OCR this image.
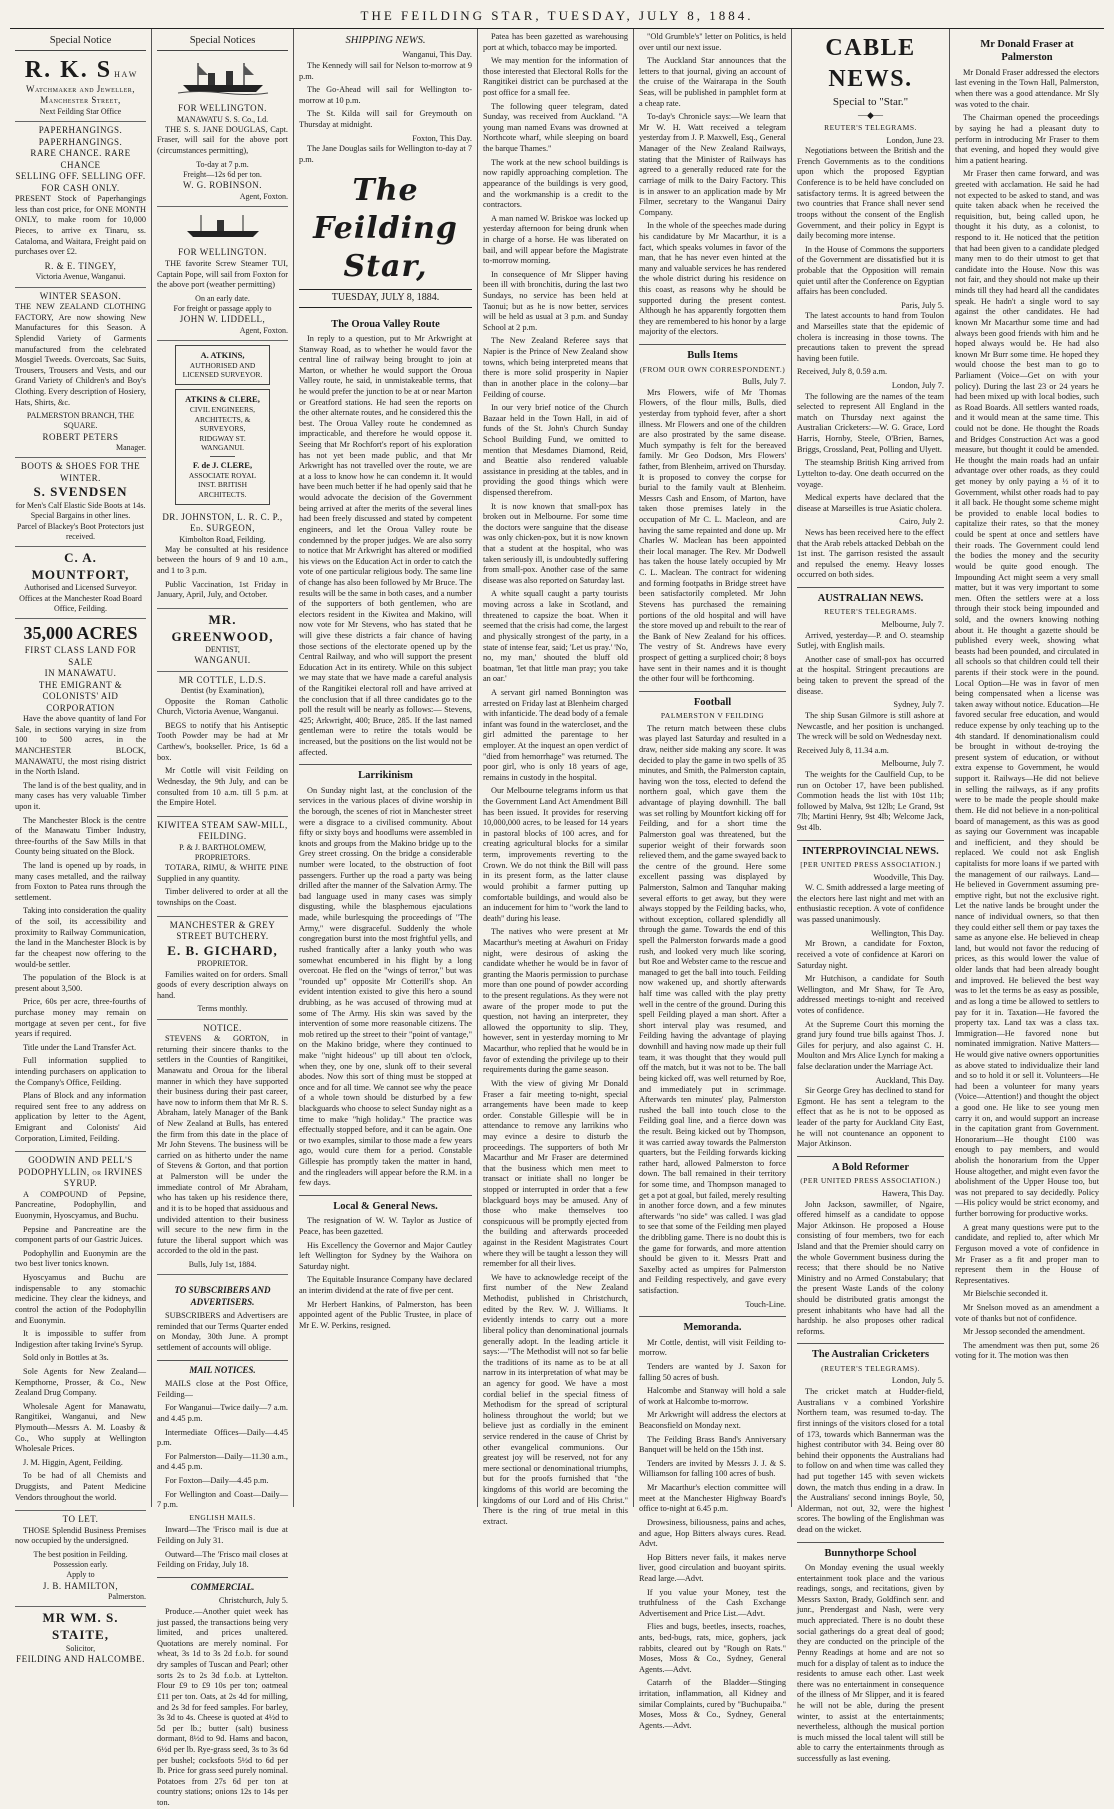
THE FEILDING STAR, TUESDAY, JULY 8, 1884.
Special Notice
R. K. S H A W
Watchmaker and Jeweller,
Manchester Street,
Next Feilding Star Office
PAPERHANGINGS. PAPERHANGINGS.
RARE CHANCE. RARE CHANCE
SELLING OFF. SELLING OFF.
FOR CASH ONLY.

PRESENT Stock of Paperhangings less than cost price, for ONE MONTH ONLY, to make room for 10,000 Pieces, to arrive ex Tinaru, ss. Cataloma, and Waitara, Freight paid on purchases over £2.

R. & E. TINGEY,
Victoria Avenue, Wanganui.
WINTER SEASON.

THE NEW ZEALAND CLOTHING FACTORY, Are now showing New Manufactures for this Season. A Splendid Variety of Garments manufactured from the celebrated Mosgiel Tweeds. Overcoats, Sac Suits, Trousers, Trousers and Vests, and our Grand Variety of Children's and Boy's Clothing. Every description of Hosiery, Hats, Shirts, &c.

PALMERSTON BRANCH, THE SQUARE.
ROBERT PETERS
Manager.
BOOTS & SHOES FOR THE WINTER.
S. SVENDSEN
for Men's Calf Elastic Side Boots at 14s.
Special Bargains in other lines.
Parcel of Blackey's Boot Protectors just received.
C. A. MOUNTFORT,
Authorised and Licensed Surveyor.
Offices at the Manchester Road Board Office, Feilding.
35,000 ACRES
FIRST CLASS LAND FOR SALE
IN MANAWATU.
THE EMIGRANT & COLONISTS' AID CORPORATION

Have the above quantity of land For Sale, in sections varying in size from 100 to 500 acres, in the MANCHESTER BLOCK, MANAWATU, the most rising district in the North Island.

The land is of the best quality, and in many cases has very valuable Timber upon it.

The Manchester Block is the centre of the Manawatu Timber Industry, three-fourths of the Saw Mills in that County being situated on the Block.

The land is opened up by roads, in many cases metalled, and the railway from Foxton to Patea runs through the settlement.

Taking into consideration the quality of the soil, its accessibility and proximity to Railway Communication, the land in the Manchester Block is by far the cheapest now offering to the would-be settler.

The population of the Block is at present about 3,500.

Price, 60s per acre, three-fourths of purchase money may remain on mortgage at seven per cent., for five years if required.

Title under the Land Transfer Act.

Full information supplied to intending purchasers on application to the Company's Office, Feilding.

Plans of Block and any information required sent free to any address on application by letter to the Agent, Emigrant and Colonists' Aid Corporation, Limited, Feilding.

GOODWIN AND PELL'S PODOPHYLLIN, or IRVINES SYRUP.

A COMPOUND of Pepsine, Pancreatine, Podophyllin, and Euonymin, Hyoscyamus, and Buchu.

Pepsine and Pancreatine are the component parts of our Gastric Juices.

Podophyllin and Euonymin are the two best liver tonics known.

Hyoscyamus and Buchu are indispensable to any stomachic medicine. They clear the kidneys, and control the action of the Podophyllin and Euonymin.

It is impossible to suffer from Indigestion after taking Irvine's Syrup.

Sold only in Bottles at 3s.

Sole Agents for New Zealand—Kempthorne, Prosser, & Co., New Zealand Drug Company.

Wholesale Agent for Manawatu, Rangitikei, Wanganui, and New Plymouth—Messrs A. M. Loasby & Co., Who supply at Wellington Wholesale Prices.

J. M. Higgin, Agent, Feilding.

To be had of all Chemists and Druggists, and Patent Medicine Vendors throughout the world.

TO LET.

THOSE Splendid Business Premises now occupied by the undersigned.

The best position in Feilding.
Possession early.
Apply to
J. B. HAMILTON,
Palmerston.
MR WM. S. STAITE,
Solicitor,
FEILDING AND HALCOMBE.
Special Notices
FOR WELLINGTON.
MANAWATU S. S. Co., Ld.

THE S. S. JANE DOUGLAS, Capt. Fraser, will sail for the above port (circumstances permitting),

To-day at 7 p.m.
Freight—12s 6d per ton.
W. G. ROBINSON.
Agent, Foxton.
FOR WELLINGTON.

THE favorite Screw Steamer TUI, Captain Pope, will sail from Foxton for the above port (weather permitting)

On an early date.
For freight or passage apply to
JOHN W. LIDDELL,
Agent, Foxton.
A. ATKINS,
AUTHORISED AND LICENSED SURVEYOR.
ATKINS & CLERE,
CIVIL ENGINEERS, ARCHITECTS, & SURVEYORS,
RIDGWAY ST. WANGANUI.
F. de J. CLERE,
ASSOCIATE ROYAL INST. BRITISH ARCHITECTS.
DR. JOHNSTON, L. R. C. P., Ed. SURGEON,
Kimbolton Road, Feilding.

May be consulted at his residence between the hours of 9 and 10 a.m., and 1 to 3 p.m.

Public Vaccination, 1st Friday in January, April, July, and October.

MR. GREENWOOD,
DENTIST,
WANGANUI.
MR COTTLE, L.D.S.
Dentist (by Examination),

Opposite the Roman Catholic Church, Victoria Avenue, Wanganui.

BEGS to notify that his Antiseptic Tooth Powder may be had at Mr Carthew's, bookseller. Price, 1s 6d a box.

Mr Cottle will visit Feilding on Wednesday, the 9th July, and can be consulted from 10 a.m. till 5 p.m. at the Empire Hotel.

KIWITEA STEAM SAW-MILL, FEILDING.
P. & J. BARTHOLOMEW,
PROPRIETORS.

TOTARA, RIMU, & WHITE PINE Supplied in any quantity.

Timber delivered to order at all the townships on the Coast.

MANCHESTER & GREY STREET BUTCHERY.
E. B. GICHARD,
PROPRIETOR.

Families waited on for orders. Small goods of every description always on hand.

Terms monthly.
NOTICE.

STEVENS & GORTON, in returning their sincere thanks to the settlers in the Counties of Rangitikei, Manawatu and Oroua for the liberal manner in which they have supported their business during their past career, have now to inform them that Mr R. S. Abraham, lately Manager of the Bank of New Zealand at Bulls, has entered the firm from this date in the place of Mr John Stevens. The business will be carried on as hitherto under the name of Stevens & Gorton, and that portion at Palmerston will be under the immediate control of Mr Abraham, who has taken up his residence there, and it is to be hoped that assiduous and undivided attention to their business will secure to the new firm in the future the liberal support which was accorded to the old in the past.

Bulls, July 1st, 1884.
TO SUBSCRIBERS AND ADVERTISERS.

SUBSCRIBERS and Advertisers are reminded that our Terms Quarter ended on Monday, 30th June. A prompt settlement of accounts will oblige.

MAIL NOTICES.

MAILS close at the Post Office, Feilding—

For Wanganui—Twice daily—7 a.m. and 4.45 p.m.

Intermediate Offices—Daily—4.45 p.m.

For Palmerston—Daily—11.30 a.m., and 4.45 p.m.

For Foxton—Daily—4.45 p.m.

For Wellington and Coast—Daily—7 p.m.

ENGLISH MAILS.

Inward—The 'Frisco mail is due at Feilding on July 31.

Outward—The 'Frisco mail closes at Feilding on Friday, July 18.

COMMERCIAL.
Christchurch, July 5.

Produce.—Another quiet week has just passed, the transactions being very limited, and prices unaltered. Quotations are merely nominal. For wheat, 3s 1d to 3s 2d f.o.b. for sound dry samples of Tuscan and Pearl; other sorts 2s to 2s 3d f.o.b. at Lyttelton. Flour £9 to £9 10s per ton; oatmeal £11 per ton. Oats, at 2s 4d for milling, and 2s 3d for feed samples. For barley, 3s 3d to 4s. Cheese is quoted at 4½d to 5d per lb.; butter (salt) business dormant, 8½d to 9d. Hams and bacon, 6½d per lb. Rye-grass seed, 3s to 3s 6d per bushel; cocksfoots 5½d to 6d per lb. Price for grass seed purely nominal. Potatoes from 27s 6d per ton at country stations; onions 12s to 14s per ton.

SHIPPING NEWS.
Wanganui, This Day.

The Kennedy will sail for Nelson to-morrow at 9 p.m.

The Go-Ahead will sail for Wellington to-morrow at 10 p.m.

The St. Kilda will sail for Greymouth on Thursday at midnight.

Foxton, This Day.

The Jane Douglas sails for Wellington to-day at 7 p.m.

The Feilding Star,
TUESDAY, JULY 8, 1884.
The Oroua Valley Route

In reply to a question, put to Mr Arkwright at Stanway Road, as to whether he would favor the central line of railway being brought to join at Marton, or whether he would support the Oroua Valley route, he said, in unmistakeable terms, that he would prefer the junction to be at or near Marton or Greatford stations. He had seen the reports on the other alternate routes, and he considered this the best. The Oroua Valley route he condemned as impracticable, and therefore he would oppose it. Seeing that Mr Rochfort's report of his exploration has not yet been made public, and that Mr Arkwright has not travelled over the route, we are at a loss to know how he can condemn it. It would have been much better if he had openly said that he would advocate the decision of the Government being arrived at after the merits of the several lines had been freely discussed and stated by competent engineers, and let the Oroua Valley route be condemned by the proper judges. We are also sorry to notice that Mr Arkwright has altered or modified his views on the Education Act in order to catch the vote of one particular religious body. The same line of change has also been followed by Mr Bruce. The results will be the same in both cases, and a number of the supporters of both gentlemen, who are electors resident in the Kiwitea and Makino, will now vote for Mr Stevens, who has stated that he will give these districts a fair chance of having those sections of the electorate opened up by the Central Railway, and who will support the present Education Act in its entirety. While on this subject we may state that we have made a careful analysis of the Rangitikei electoral roll and have arrived at the conclusion that if all three candidates go to the poll the result will be nearly as follows:— Stevens, 425; Arkwright, 400; Bruce, 285. If the last named gentleman were to retire the totals would be increased, but the positions on the list would not be affected.

Larrikinism

On Sunday night last, at the conclusion of the services in the various places of divine worship in the borough, the scenes of riot in Manchester street were a disgrace to a civilised community. About fifty or sixty boys and hoodlums were assembled in knots and groups from the Makino bridge up to the Grey street crossing. On the bridge a considerable number were located, to the obstruction of foot passengers. Further up the road a party was being drilled after the manner of the Salvation Army. The bad language used in many cases was simply disgusting, while the blasphemous ejaculations made, while burlesquing the proceedings of "The Army," were disgraceful. Suddenly the whole congregation burst into the most frightful yells, and rushed frantically after a lanky youth who was somewhat encumbered in his flight by a long overcoat. He fled on the "wings of terror," but was "rounded up" opposite Mr Cotterill's shop. An evident intention existed to give this hero a sound drubbing, as he was accused of throwing mud at some of The Army. His skin was saved by the intervention of some more reasonable citizens. The mob retired up the street to their "point of vantage," on the Makino bridge, where they continued to make "night hideous" up till about ten o'clock, when they, one by one, slunk off to their several abodes. Now this sort of thing must be stopped at once and for all time. We cannot see why the peace of a whole town should be disturbed by a few blackguards who choose to select Sunday night as a time to make "high holiday." The practice was effectually stopped before, and it can be again. One or two examples, similar to those made a few years ago, would cure them for a period. Constable Gillespie has promptly taken the matter in hand, and the ringleaders will appear before the R.M. in a few days.

Local & General News.

The resignation of W. W. Taylor as Justice of Peace, has been gazetted.

His Excellency the Governor and Major Cautley left Wellington for Sydney by the Waihora on Saturday night.

The Equitable Insurance Company have declared an interim dividend at the rate of five per cent.

Mr Herbert Hankins, of Palmerston, has been appointed agent of the Public Trustee, in place of Mr E. W. Perkins, resigned.

Patea has been gazetted as warehousing port at which, tobacco may be imported.

We may mention for the information of those interested that Electoral Rolls for the Rangitikei district can be purchased at the post office for a small fee.

The following queer telegram, dated Sunday, was received from Auckland. "A young man named Evans was drowned at Northcote wharf, while sleeping on board the barque Thames."

The work at the new school buildings is now rapidly approaching completion. The appearance of the buildings is very good, and the workmanship is a credit to the contractors.

A man named W. Briskoe was locked up yesterday afternoon for being drunk when in charge of a horse. He was liberated on bail, and will appear before the Magistrate to-morrow morning.

In consequence of Mr Slipper having been ill with bronchitis, during the last two Sundays, no service has been held at Taonui; but as he is now better, services will be held as usual at 3 p.m. and Sunday School at 2 p.m.

The New Zealand Referee says that Napier is the Prince of New Zealand show towns, which being interpreted means that there is more solid prosperity in Napier than in another place in the colony—bar Feilding of course.

In our very brief notice of the Church Bazaar held in the Town Hall, in aid of funds of the St. John's Church Sunday School Building Fund, we omitted to mention that Mesdames Diamond, Reid, and Beattie also rendered valuable assistance in presiding at the tables, and in providing the good things which were dispensed therefrom.

It is now known that small-pox has broken out in Melbourne. For some time the doctors were sanguine that the disease was only chicken-pox, but it is now known that a student at the hospital, who was taken seriously ill, is undoubtedly suffering from small-pox. Another case of the same disease was also reported on Saturday last.

A white squall caught a party tourists moving across a lake in Scotland, and threatened to capsize the boat. When it seemed that the crisis had come, the largest and physically strongest of the party, in a state of intense fear, said; 'Let us pray.' 'No, no, my man,' shouted the bluff old boatman, 'let that little man pray; you take an oar.'

A servant girl named Bonnington was arrested on Friday last at Blenheim charged with infanticide. The dead body of a female infant was found in the watercloset, and the girl admitted the parentage to her employer. At the inquest an open verdict of "died from hemorrhage" was returned. The poor girl, who is only 18 years of age, remains in custody in the hospital.

Our Melbourne telegrams inform us that the Government Land Act Amendment Bill has been issued. It provides for reserving 10,000,000 acres, to be leased for 14 years in pastoral blocks of 100 acres, and for creating agricultural blocks for a similar term, improvements reverting to the Crown. We do not think the Bill will pass in its present form, as the latter clause would prohibit a farmer putting up comfortable buildings, and would also be an inducement for him to "work the land to death" during his lease.

The natives who were present at Mr Macarthur's meeting at Awahuri on Friday night, were desirous of asking the candidate whether he would be in favor of granting the Maoris permission to purchase more than one pound of powder according to the present regulations. As they were not aware of the proper mode to put the question, not having an interpreter, they allowed the opportunity to slip. They, however, sent in yesterday morning to Mr Macarthur, who replied that he would be in favor of extending the privilege up to their requirements during the game season.

With the view of giving Mr Donald Fraser a fair meeting to-night, special arrangements have been made to keep order. Constable Gillespie will be in attendance to remove any larrikins who may evince a desire to disturb the proceedings. The supporters of both Mr Macarthur and Mr Fraser are determined that the business which men meet to transact or initiate shall no longer be stopped or interrupted in order that a few blackguard boys may be amused. Any of those who make themselves too conspicuous will be promptly ejected from the building and afterwards proceeded against in the Resident Magistrates Court where they will be taught a lesson they will remember for all their lives.

We have to acknowledge receipt of the first number of the New Zealand Methodist, published in Christchurch, edited by the Rev. W. J. Williams. It evidently intends to carry out a more liberal policy than denominational journals generally adopt. In the leading article it says:—"The Methodist will not so far belie the traditions of its name as to be at all narrow in its interpretation of what may be an agency for good. We have a most cordial belief in the special fitness of Methodism for the spread of scriptural holiness throughout the world; but we believe just as cordially in the eminent service rendered in the cause of Christ by other evangelical communions. Our greatest joy will be reserved, not for any mere sectional or denominational triumphs, but for the proofs furnished that "the kingdoms of this world are becoming the kingdoms of our Lord and of His Christ." There is the ring of true metal in this extract.

"Old Grumble's" letter on Politics, is held over until our next issue.

The Auckland Star announces that the letters to that journal, giving an account of the cruise of the Wairarapa in the South Seas, will be published in pamphlet form at a cheap rate.

To-day's Chronicle says:—We learn that Mr W. H. Watt received a telegram yesterday from J. P. Maxwell, Esq., General Manager of the New Zealand Railways, stating that the Minister of Railways has agreed to a generally reduced rate for the carriage of milk to the Dairy Factory. This is in answer to an application made by Mr Filmer, secretary to the Wanganui Dairy Company.

In the whole of the speeches made during his candidature by Mr Macarthur, it is a fact, which speaks volumes in favor of the man, that he has never even hinted at the many and valuable services he has rendered the whole district during his residence on this coast, as reasons why he should be supported during the present contest. Although he has apparently forgotten them they are remembered to his honor by a large majority of the electors.

Bulls Items
(FROM OUR OWN CORRESPONDENT.)
Bulls, July 7.

Mrs Flowers, wife of Mr Thomas Flowers, of the flour mills, Bulls, died yesterday from typhoid fever, after a short illness. Mr Flowers and one of the children are also prostrated by the same disease. Much sympathy is felt for the bereaved family. Mr Geo Dodson, Mrs Flowers' father, from Blenheim, arrived on Thursday. It is proposed to convey the corpse for burial to the family vault at Blenheim. Messrs Cash and Ensom, of Marton, have taken those premises lately in the occupation of Mr C. L. Macleon, and are having the same repainted and done up. Mr Charles W. Maclean has been appointed their local manager. The Rev. Mr Dodwell has taken the house lately occupied by Mr C. L. Maclean. The contract for widening and forming footpaths in Bridge street have been satisfactorily completed. Mr John Stevens has purchased the remaining portions of the old hospital and will have the store moved up and rebuilt to the rear of the Bank of New Zealand for his offices. The vestry of St. Andrews have every prospect of getting a surpliced choir; 8 boys have sent in their names and it is thought the other four will be forthcoming.

Football
PALMERSTON V FEILDING

The return match between these clubs was played last Saturday and resulted in a draw, neither side making any score. It was decided to play the game in two spells of 35 minutes, and Smith, the Palmerston captain, having won the toss, elected to defend the northern goal, which gave them the advantage of playing downhill. The ball was set rolling by Mountfort kicking off for Feilding, and for a short time the Palmerston goal was threatened, but the superior weight of their forwards soon relieved them, and the game swayed back to the centre of the ground. Here some excellent passing was displayed by Palmerston, Salmon and Tanquhar making several efforts to get away, but they were always stopped by the Feilding backs, who, without exception, collared splendidly all through the game. Towards the end of this spell the Palmerston forwards made a good rush, and looked very much like scoring, but Roe and Webster came to the rescue and managed to get the ball into touch. Feilding now wakened up, and shortly afterwards half time was called with the play pretty well in the centre of the ground. During this spell Feilding played a man short. After a short interval play was resumed, and Feilding having the advantage of playing downhill and having now made up their full team, it was thought that they would pull off the match, but it was not to be. The ball being kicked off, was well returned by Roe, and immediately put in scrimmage. Afterwards ten minutes' play, Palmerston rushed the ball into touch close to the Feilding goal line, and a fierce down was the result. Being kicked out by Thompson, it was carried away towards the Palmerston quarters, but the Feilding forwards kicking rather hard, allowed Palmerston to force down. The ball remained in their territory for some time, and Thompson managed to get a pot at goal, but failed, merely resulting in another force down, and a few minutes afterwards "no side" was called. I was glad to see that some of the Feilding men played the dribbling game. There is no doubt this is the game for forwards, and more attention should be given to it. Messrs Pratt and Saxelby acted as umpires for Palmerston and Feilding respectively, and gave every satisfaction.

Touch-Line.
Memoranda.

Mr Cottle, dentist, will visit Feilding to-morrow.

Tenders are wanted by J. Saxon for falling 50 acres of bush.

Halcombe and Stanway will hold a sale of work at Halcombe to-morrow.

Mr Arkwright will address the electors at Beaconsfield on Monday next.

The Feilding Brass Band's Anniversary Banquet will be held on the 15th inst.

Tenders are invited by Messrs J. J. & S. Williamson for falling 100 acres of bush.

Mr Macarthur's election committee will meet at the Manchester Highway Board's office to-night at 6.45 p.m.

Drowsiness, biliousness, pains and aches, and ague, Hop Bitters always cures. Read. Advt.

Hop Bitters never fails, it makes nerve liver, good circulation and buoyant spirits. Read large.—Advt.

If you value your Money, test the truthfulness of the Cash Exchange Advertisement and Price List.—Advt.

Flies and bugs, beetles, insects, roaches, ants, bed-bugs, rats, mice, gophers, jack rabbits, cleared out by "Rough on Rats." Moses, Moss & Co., Sydney, General Agents.—Advt.

Catarrh of the Bladder—Stinging irritation, inflammation, all Kidney and similar Complaints, cured by "Buchupaiba." Moses, Moss & Co., Sydney, General Agents.—Advt.

CABLE NEWS.
Special to "Star."
—◆—
REUTER'S TELEGRAMS.
London, June 23.

Negotiations between the British and the French Governments as to the conditions upon which the proposed Egyptian Conference is to be held have concluded on satisfactory terms. It is agreed between the two countries that France shall never send troops without the consent of the English Government, and their policy in Egypt is daily becoming more intense.

In the House of Commons the supporters of the Government are dissatisfied but it is probable that the Opposition will remain quiet until after the Conference on Egyptian affairs has been concluded.

Paris, July 5.

The latest accounts to hand from Toulon and Marseilles state that the epidemic of cholera is increasing in those towns. The precautions taken to prevent the spread having been futile.

Received, July 8, 0.59 a.m.

London, July 7.

The following are the names of the team selected to represent All England in the match on Thursday next against the Australian Cricketers:—W. G. Grace, Lord Harris, Hornby, Steele, O'Brien, Barnes, Briggs, Crossland, Peat, Polling and Ulyett.

The steamship British King arrived from Lyttelton to-day. One death occurred on the voyage.

Medical experts have declared that the disease at Marseilles is true Asiatic cholera.

Cairo, July 2.

News has been received here to the effect that the Arab rebels attacked Debbah on the 1st inst. The garrison resisted the assault and repulsed the enemy. Heavy losses occurred on both sides.

AUSTRALIAN NEWS.
REUTER'S TELEGRAMS.
Melbourne, July 7.

Arrived, yesterday—P. and O. steamship Sutlej, with English mails.

Another case of small-pox has occurred at the hospital. Stringent precautions are being taken to prevent the spread of the disease.

Sydney, July 7.

The ship Susan Gilmore is still ashore at Newcastle, and her position is unchanged. The wreck will be sold on Wednesday next.

Received July 8, 11.34 a.m.

Melbourne, July 7.

The weights for the Caulfield Cup, to be run on October 17, have been published. Commotion heads the list with 10st 11b; followed by Malva, 9st 12lb; Le Grand, 9st 7lb; Martini Henry, 9st 4lb; Welcome Jack, 9st 4lb.

INTERPROVINCIAL NEWS.
[PER UNITED PRESS ASSOCIATION.]
Woodville, This Day.

W. C. Smith addressed a large meeting of the electors here last night and met with an enthusiastic reception. A vote of confidence was passed unanimously.

Wellington, This Day.

Mr Brown, a candidate for Foxton, received a vote of confidence at Karori on Saturday night.

Mr Hutchison, a candidate for South Wellington, and Mr Shaw, for Te Aro, addressed meetings to-night and received votes of confidence.

At the Supreme Court this morning the grand jury found true bills against Thos. J. Giles for perjury, and also against C. H. Moulton and Mrs Alice Lynch for making a false declaration under the Marriage Act.

Auckland, This Day.

Sir George Grey has declined to stand for Egmont. He has sent a telegram to the effect that as he is not to be opposed as leader of the party for Auckland City East, he will not countenance an opponent to Major Atkinson.

A Bold Reformer
(PER UNITED PRESS ASSOCIATION.)
Hawera, This Day.

John Jackson, sawmiller, of Ngaire, offered himself as a candidate to oppose Major Atkinson. He proposed a House consisting of four members, two for each Island and that the Premier should carry on the whole Government business during the recess; that there should be no Native Ministry and no Armed Constabulary; that the present Waste Lands of the colony should be distributed gratis amongst the present inhabitants who have had all the hardship. he also proposes other radical reforms.

The Australian Cricketers
(REUTER'S TELEGRAMS).
London, July 5.

The cricket match at Hudder-field, Australians v a combined Yorkshire Northern team, was resumed to-day. The first innings of the visitors closed for a total of 173, towards which Bannerman was the highest contributor with 34. Being over 80 behind their opponents the Australians had to follow on and when time was called they had put together 145 with seven wickets down, the match thus ending in a draw. In the Australians' second innings Boyle, 50, Alderman, not out, 32, were the highest scores. The bowling of the Englishman was dead on the wicket.

Bunnythorpe School

On Monday evening the usual weekly entertainment took place and the various readings, songs, and recitations, given by Messrs Saxton, Brady, Goldfinch senr. and junr., Prendergast and Nash, were very much appreciated. There is no doubt these social gatherings do a great deal of good; they are conducted on the principle of the Penny Readings at home and are not so much for a display of talent as to induce the residents to amuse each other. Last week there was no entertainment in consequence of the illness of Mr Slipper, and it is feared he will not be able, during the present winter, to assist at the entertainments; nevertheless, although the musical portion is much missed the local talent will still be able to carry the entertainments through as successfully as last evening.

Mr Donald Fraser at Palmerston

Mr Donald Fraser addressed the electors last evening in the Town Hall, Palmerston, when there was a good attendance. Mr Sly was voted to the chair.

The Chairman opened the proceedings by saying he had a pleasant duty to perform in introducing Mr Fraser to them that evening, and hoped they would give him a patient hearing.

Mr Fraser then came forward, and was greeted with acclamation. He said he had not expected to be asked to stand, and was quite taken aback when he received the requisition, but, being called upon, he thought it his duty, as a colonist, to respond to it. He noticed that the petition that had been given to a candidate pledged many men to do their utmost to get that candidate into the House. Now this was not fair, and they should not make up their minds till they had heard all the candidates speak. He hadn't a single word to say against the other candidates. He had known Mr Macarthur some time and had always been good friends with him and he hoped always would be. He had also known Mr Burr some time. He hoped they would choose the best man to go to Parliament (Voice—Get on with your policy). During the last 23 or 24 years he had been mixed up with local bodies, such as Road Boards. All settlers wanted roads, and it would mean at the same time. This could not be done. He thought the Roads and Bridges Construction Act was a good measure, but thought it could be amended. He thought the main roads had an unfair advantage over other roads, as they could get money by only paying a ½ of it to Government, whilst other roads had to pay it all back. He thought some scheme might be provided to enable local bodies to capitalize their rates, so that the money could be spent at once and settlers have their roads. The Government could lend the bodies the money and the security would be quite good enough. The Impounding Act might seem a very small matter, but it was very important to some men. Often the settlers were at a loss through their stock being impounded and sold, and the owners knowing nothing about it. He thought a gazette should be published every week, showing what beasts had been pounded, and circulated in all schools so that children could tell their parents if their stock were in the pound. Local Option—He was in favor of men being compensated when a license was taken away without notice. Education—He favored secular free education, and would reduce expense by only teaching up to the 4th standard. If denominationalism could be brought in without de-troying the present system of education, or without extra expense to Government, he would support it. Railways—He did not believe in selling the railways, as if any profits were to be made the people should make them. He did not believe in a non-political board of management, as this was as good as saying our Government was incapable and inefficient, and they should be replaced. We could not ask English capitalists for more loans if we parted with the management of our railways. Land—He believed in Government assuming pre-emptive right, but not the exclusive right. Let the native lands be brought under the nance of individual owners, so that then they could either sell them or pay taxes the same as anyone else. He believed in cheap land, but would not favor the reducing of prices, as this would lower the value of older lands that had been already bought and improved. He believed the best way was to let the terms be as easy as possible, and as long a time be allowed to settlers to pay for it in. Taxation—He favored the property tax. Land tax was a class tax. Immigration—He favored none but nominated immigration. Native Matters—He would give native owners opportunities as above stated to individualize their land and so to hold it or sell it. Volunteers—He had been a volunteer for many years (Voice—Attention!) and thought the object a good one. He like to see young men carry it on, and would support an increase in the capitation grant from Government. Honorarium—He thought £100 was enough to pay members, and would abolish the honorarium from the Upper House altogether, and might even favor the abolishment of the Upper House too, but was not prepared to say decidedly. Policy—His policy would be strict economy, and further borrowing for productive works.

A great many questions were put to the candidate, and replied to, after which Mr Ferguson moved a vote of confidence in Mr Fraser as a fit and proper man to represent them in the House of Representatives.

Mr Bielschie seconded it.

Mr Snelson moved as an amendment a vote of thanks but not of confidence.

Mr Jessop seconded the amendment.

The amendment was then put, some 26 voting for it. The motion was then
